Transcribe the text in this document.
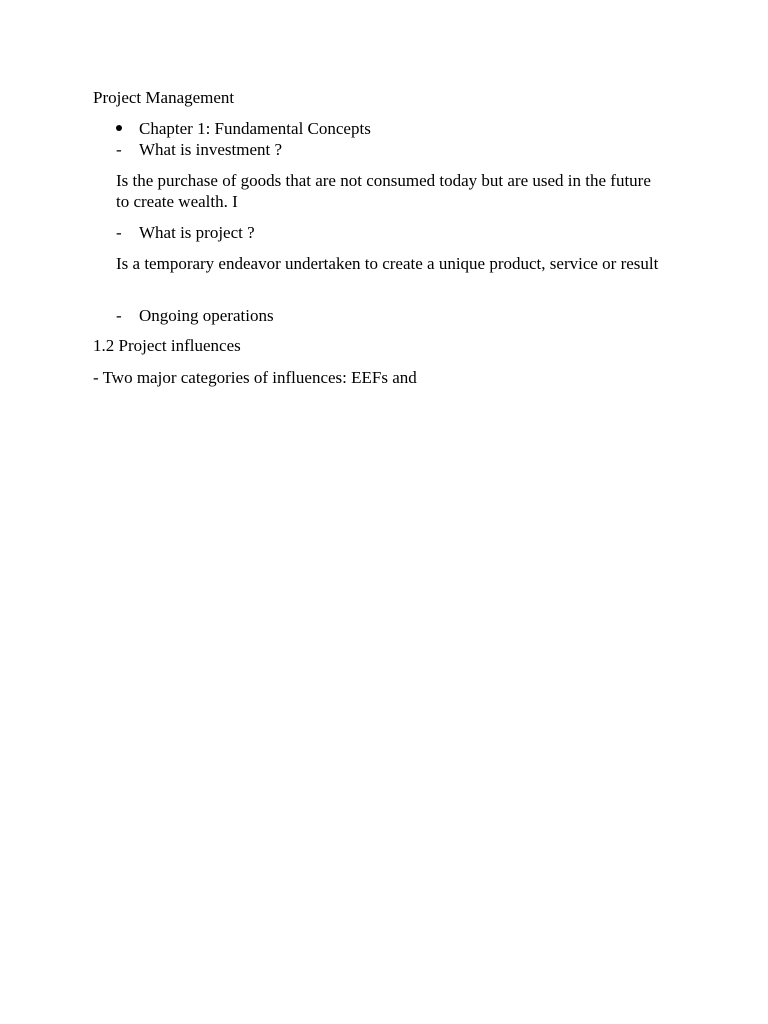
Project Management
Chapter 1: Fundamental Concepts
- What is investment ?
Is the purchase of goods that are not consumed today but are used in the future to create wealth. I
- What is project ?
Is a temporary endeavor undertaken to create a unique product, service or result
- Ongoing operations
1.2 Project influences
- Two major categories of influences: EEFs and
